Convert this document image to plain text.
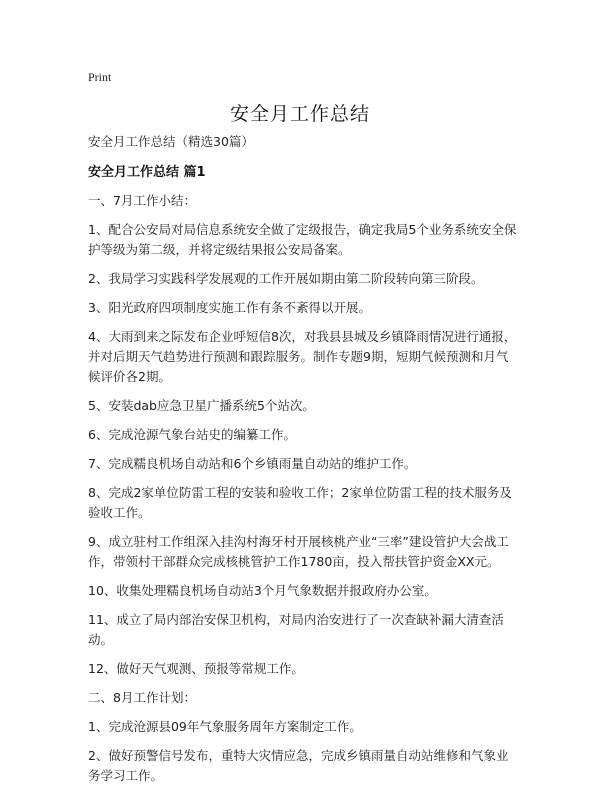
Print
安全月工作总结

安全月工作总结（精选30篇）

安全月工作总结 篇1

一、7月工作小结：

1、配合公安局对局信息系统安全做了定级报告，确定我局5个业务系统安全保护等级为第二级，并将定级结果报公安局备案。

2、我局学习实践科学发展观的工作开展如期由第二阶段转向第三阶段。

3、阳光政府四项制度实施工作有条不紊得以开展。

4、大雨到来之际发布企业呼短信8次，对我县县城及乡镇降雨情况进行通报，并对后期天气趋势进行预测和跟踪服务。制作专题9期，短期气候预测和月气候评价各2期。

5、安装dab应急卫星广播系统5个站次。

6、完成沧源气象台站史的编纂工作。

7、完成糯良机场自动站和6个乡镇雨量自动站的维护工作。

8、完成2家单位防雷工程的安装和验收工作；2家单位防雷工程的技术服务及验收工作。

9、成立驻村工作组深入挂沟村海牙村开展核桃产业“三率”建设管护大会战工作，带领村干部群众完成核桃管护工作1780亩，投入帮扶管护资金XX元。

10、收集处理糯良机场自动站3个月气象数据并报政府办公室。

11、成立了局内部治安保卫机构，对局内治安进行了一次查缺补漏大清查活动。

12、做好天气观测、预报等常规工作。

二、8月工作计划：

1、完成沧源县09年气象服务周年方案制定工作。

2、做好预警信号发布，重特大灾情应急，完成乡镇雨量自动站维修和气象业务学习工作。
